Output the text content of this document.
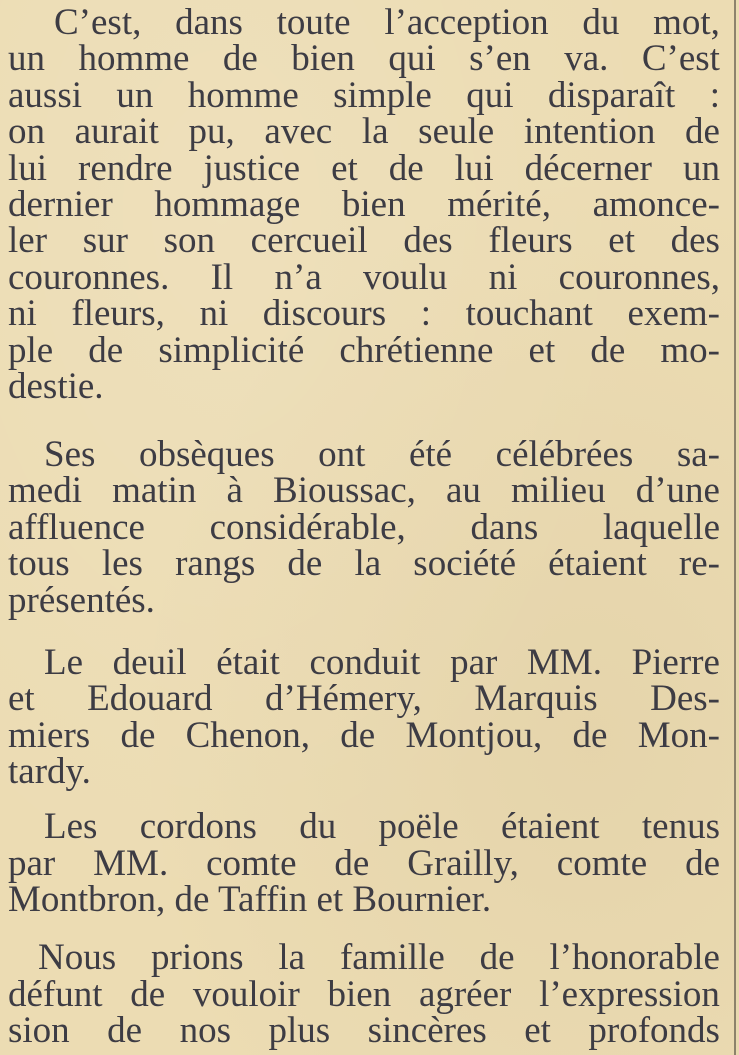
C’est, dans toute l’acception du mot,
un homme de bien qui s’en va. C’est
aussi un homme simple qui disparaît :
on aurait pu, avec la seule intention de
lui rendre justice et de lui décerner un
dernier hommage bien mérité, amonce-
ler sur son cercueil des fleurs et des
couronnes. Il n’a voulu ni couronnes,
ni fleurs, ni discours : touchant exem-
ple de simplicité chrétienne et de mo-
destie.
Ses obsèques ont été célébrées sa-
medi matin à Bioussac, au milieu d’une
affluence considérable, dans laquelle
tous les rangs de la société étaient re-
présentés.
Le deuil était conduit par MM. Pierre
et Edouard d’Hémery, Marquis Des-
miers de Chenon, de Montjou, de Mon-
tardy.
Les cordons du poële étaient tenus
par MM. comte de Grailly, comte de
Montbron, de Taffin et Bournier.
Nous prions la famille de l’honorable
défunt de vouloir bien agréer l’expression
sion de nos plus sincères et profonds
